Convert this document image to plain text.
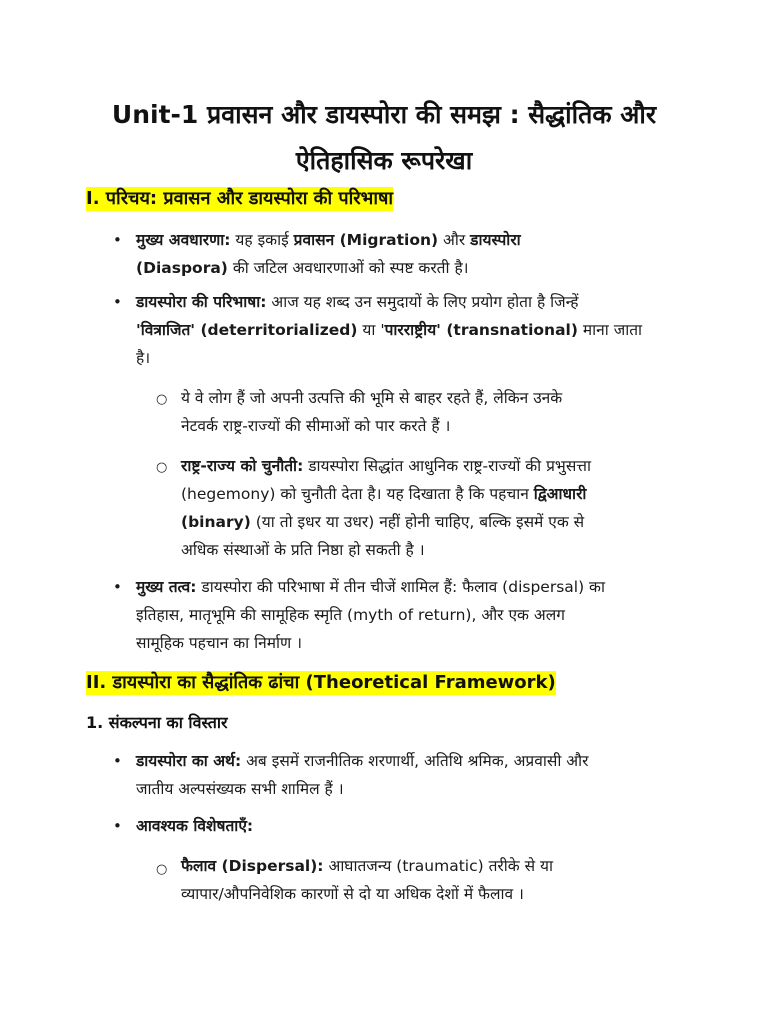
Unit-1 प्रवासन और डायस्पोरा की समझ : सैद्धांतिक और
ऐतिहासिक रूपरेखा
I. परिचय: प्रवासन और डायस्पोरा की परिभाषा
• मुख्य अवधारणा: यह इकाई प्रवासन (Migration) और डायस्पोरा
(Diaspora) की जटिल अवधारणाओं को स्पष्ट करती है।
• डायस्पोरा की परिभाषा: आज यह शब्द उन समुदायों के लिए प्रयोग होता है जिन्हें
'वित्राजित' (deterritorialized) या 'पारराष्ट्रीय' (transnational) माना जाता
है।
○ ये वे लोग हैं जो अपनी उत्पत्ति की भूमि से बाहर रहते हैं, लेकिन उनके
नेटवर्क राष्ट्र-राज्यों की सीमाओं को पार करते हैं ।
○ राष्ट्र-राज्य को चुनौती: डायस्पोरा सिद्धांत आधुनिक राष्ट्र-राज्यों की प्रभुसत्ता
(hegemony) को चुनौती देता है। यह दिखाता है कि पहचान द्विआधारी
(binary) (या तो इधर या उधर) नहीं होनी चाहिए, बल्कि इसमें एक से
अधिक संस्थाओं के प्रति निष्ठा हो सकती है ।
• मुख्य तत्व: डायस्पोरा की परिभाषा में तीन चीजें शामिल हैं: फैलाव (dispersal) का
इतिहास, मातृभूमि की सामूहिक स्मृति (myth of return), और एक अलग
सामूहिक पहचान का निर्माण ।
II. डायस्पोरा का सैद्धांतिक ढांचा (Theoretical Framework)
1. संकल्पना का विस्तार
• डायस्पोरा का अर्थ: अब इसमें राजनीतिक शरणार्थी, अतिथि श्रमिक, अप्रवासी और
जातीय अल्पसंख्यक सभी शामिल हैं ।
• आवश्यक विशेषताएँ:
○ फैलाव (Dispersal): आघातजन्य (traumatic) तरीके से या
व्यापार/औपनिवेशिक कारणों से दो या अधिक देशों में फैलाव ।
